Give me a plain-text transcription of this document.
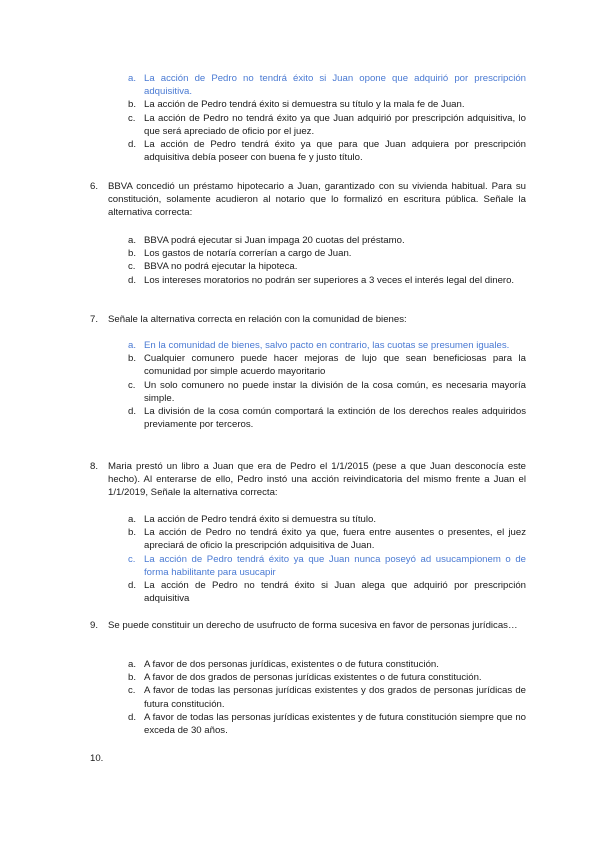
a. La acción de Pedro no tendrá éxito si Juan opone que adquirió por prescripción adquisitiva.
b. La acción de Pedro tendrá éxito si demuestra su título y la mala fe de Juan.
c. La acción de Pedro no tendrá éxito ya que Juan adquirió por prescripción adquisitiva, lo que será apreciado de oficio por el juez.
d. La acción de Pedro tendrá éxito ya que para que Juan adquiera por prescripción adquisitiva debía poseer con buena fe y justo título.
6.	BBVA concedió un préstamo hipotecario a Juan, garantizado con su vivienda habitual. Para su constitución, solamente acudieron al notario que lo formalizó en escritura pública. Señale la alternativa correcta:
a. BBVA podrá ejecutar si Juan impaga 20 cuotas del préstamo.
b. Los gastos de notaría correrían a cargo de Juan.
c. BBVA no podrá ejecutar la hipoteca.
d. Los intereses moratorios no podrán ser superiores a 3 veces el interés legal del dinero.
7.	Señale la alternativa correcta en relación con la comunidad de bienes:
a. En la comunidad de bienes, salvo pacto en contrario, las cuotas se presumen iguales.
b. Cualquier comunero puede hacer mejoras de lujo que sean beneficiosas para la comunidad por simple acuerdo mayoritario
c. Un solo comunero no puede instar la división de la cosa común, es necesaria mayoría simple.
d. La división de la cosa común comportará la extinción de los derechos reales adquiridos previamente por terceros.
8.	Maria prestó un libro a Juan que era de Pedro el 1/1/2015 (pese a que Juan desconocía este hecho). Al enterarse de ello, Pedro instó una acción reivindicatoria del mismo frente a Juan el 1/1/2019, Señale la alternativa correcta:
a. La acción de Pedro tendrá éxito si demuestra su título.
b. La acción de Pedro no tendrá éxito ya que, fuera entre ausentes o presentes, el juez apreciará de oficio la prescripción adquisitiva de Juan.
c. La acción de Pedro tendrá éxito ya que Juan nunca poseyó ad usucampionem o de forma habilitante para usucapir
d. La acción de Pedro no tendrá éxito si Juan alega que adquirió por prescripción adquisitiva
9.	Se puede constituir un derecho de usufructo de forma sucesiva en favor de personas jurídicas…
a. A favor de dos personas jurídicas, existentes o de futura constitución.
b. A favor de dos grados de personas jurídicas existentes o de futura constitución.
c. A favor de todas las personas jurídicas existentes y dos grados de personas jurídicas de futura constitución.
d. A favor de todas las personas jurídicas existentes y de futura constitución siempre que no exceda de 30 años.
10.
